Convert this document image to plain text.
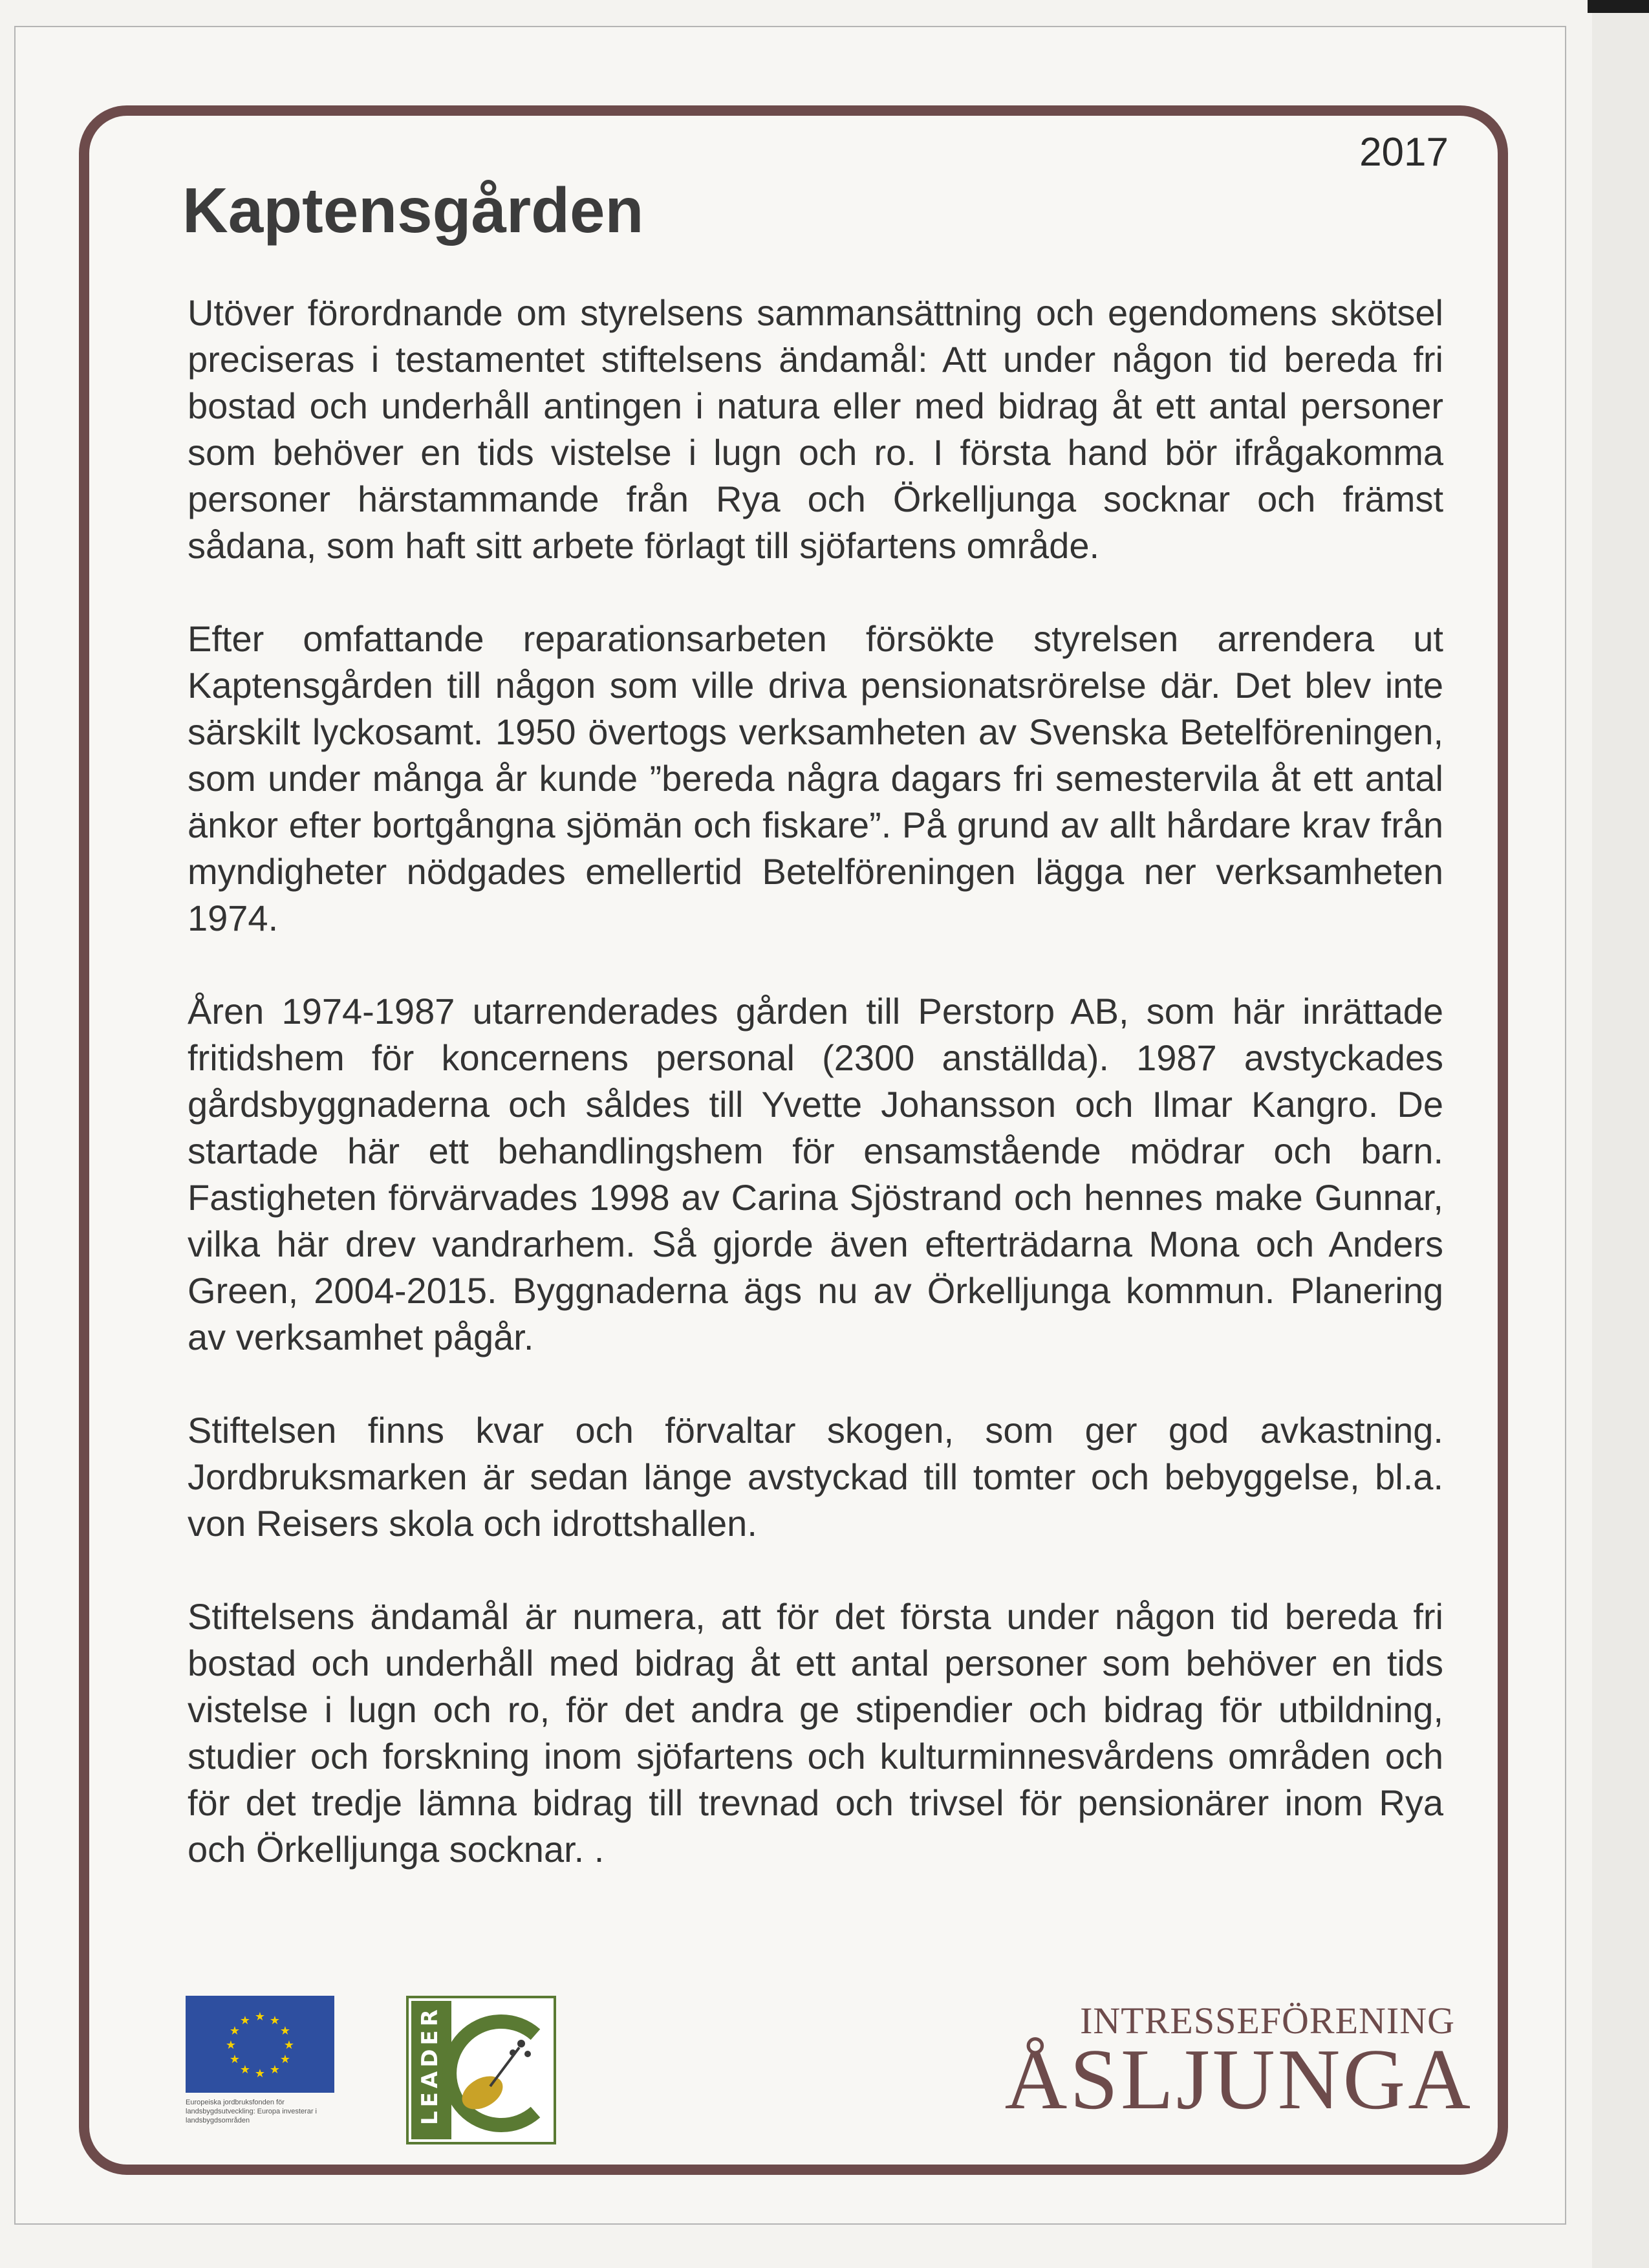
2017
Kaptensgården

Utöver förordnande om styrelsens sammansättning och egendomens skötsel preciseras i testamentet stiftelsens ändamål: Att under någon tid bereda fri bostad och underhåll antingen i natura eller med bidrag åt ett antal personer som behöver en tids vistelse i lugn och ro. I första hand bör ifrågakomma personer härstammande från Rya och Örkelljunga socknar och främst sådana, som haft sitt arbete förlagt till sjöfartens område.

Efter omfattande reparationsarbeten försökte styrelsen arrendera ut Kaptensgården till någon som ville driva pensionatsrörelse där. Det blev inte särskilt lyckosamt. 1950 övertogs verksamheten av Svenska Betelföreningen, som under många år kunde ”bereda några dagars fri semestervila åt ett antal änkor efter bortgångna sjömän och fiskare”. På grund av allt hårdare krav från myndigheter nödgades emellertid Betelföreningen lägga ner verksamheten 1974.

Åren 1974-1987 utarrenderades gården till Perstorp AB, som här inrättade fritidshem för koncernens personal (2300 anställda). 1987 avstyckades gårdsbyggnaderna och såldes till Yvette Johansson och Ilmar Kangro. De startade här ett behandlingshem för ensamstående mödrar och barn. Fastigheten förvärvades 1998 av Carina Sjöstrand och hennes make Gunnar, vilka här drev vandrarhem. Så gjorde även efterträdarna Mona och Anders Green, 2004-2015. Byggnaderna ägs nu av Örkelljunga kommun. Planering av verksamhet pågår.

Stiftelsen finns kvar och förvaltar skogen, som ger god avkastning. Jordbruksmarken är sedan länge avstyckad till tomter och bebyggelse, bl.a. von Reisers skola och idrottshallen.

Stiftelsens ändamål är numera, att för det första under någon tid bereda fri bostad och underhåll med bidrag åt ett antal personer som behöver en tids vistelse i lugn och ro, för det andra ge stipendier och bidrag för utbildning, studier och forskning inom sjöfartens och kulturminnesvårdens områden och för det tredje lämna bidrag till trevnad och trivsel för pensionärer inom Rya och Örkelljunga socknar. .

★ ★
★
★
★
★
★
★
★
★
★
★
Europeiska jordbruksfonden för landsbygdsutveckling: Europa investerar i landsbygdsområden	LEADER	INTRESSEFÖRENING
ÅSLJUNGA
